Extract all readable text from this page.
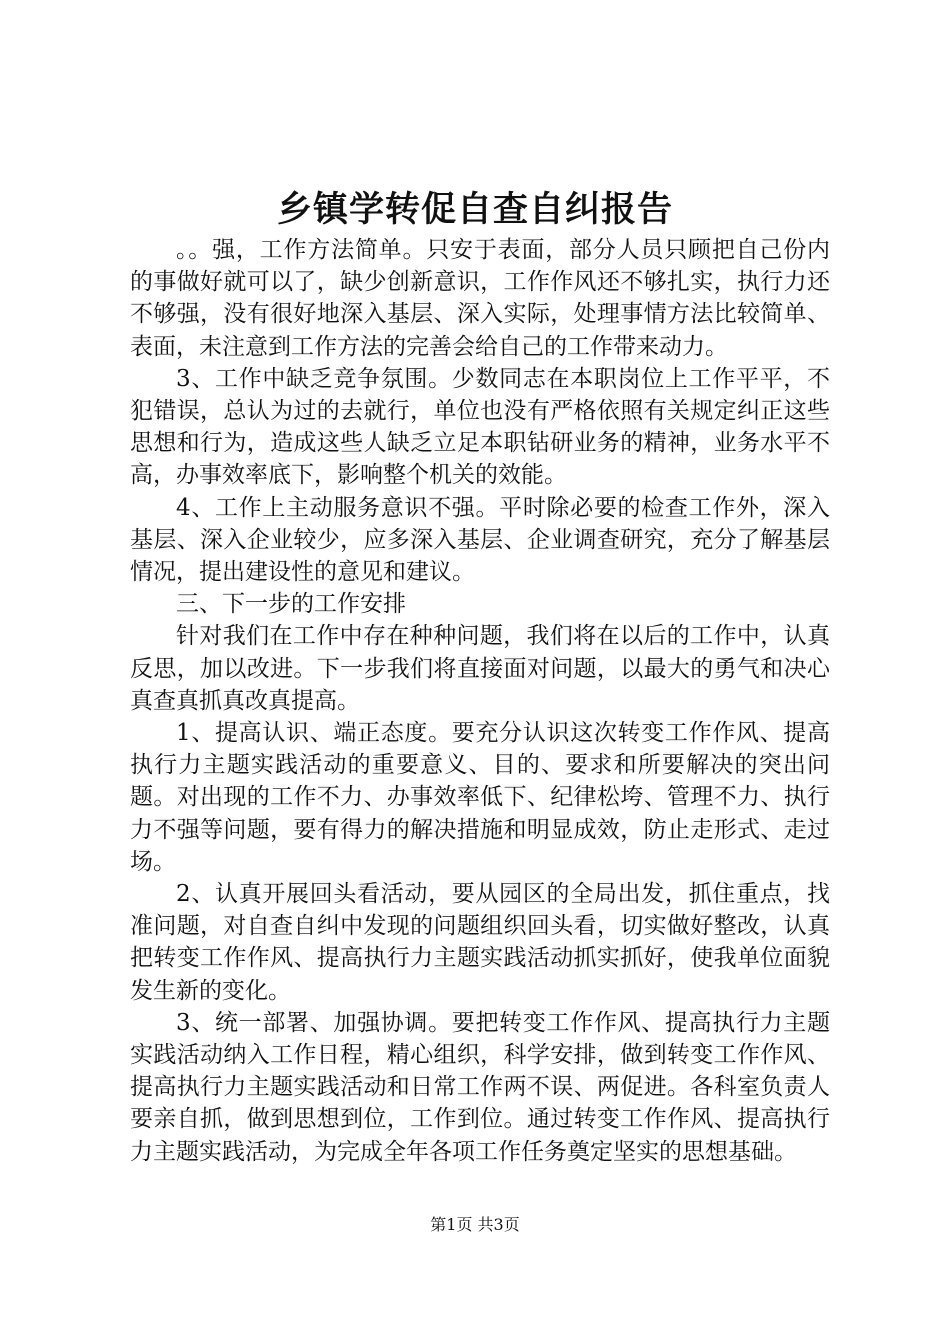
乡镇学转促自查自纠报告

。。强，工作方法简单。只安于表面，部分人员只顾把自己份内的事做好就可以了，缺少创新意识，工作作风还不够扎实，执行力还不够强，没有很好地深入基层、深入实际，处理事情方法比较简单、表面，未注意到工作方法的完善会给自己的工作带来动力。

3、工作中缺乏竞争氛围。少数同志在本职岗位上工作平平，不犯错误，总认为过的去就行，单位也没有严格依照有关规定纠正这些思想和行为，造成这些人缺乏立足本职钻研业务的精神，业务水平不高，办事效率底下，影响整个机关的效能。

4、工作上主动服务意识不强。平时除必要的检查工作外，深入基层、深入企业较少，应多深入基层、企业调查研究，充分了解基层情况，提出建设性的意见和建议。

三、下一步的工作安排

针对我们在工作中存在种种问题，我们将在以后的工作中，认真反思，加以改进。下一步我们将直接面对问题，以最大的勇气和决心真查真抓真改真提高。

1、提高认识、端正态度。要充分认识这次转变工作作风、提高执行力主题实践活动的重要意义、目的、要求和所要解决的突出问题。对出现的工作不力、办事效率低下、纪律松垮、管理不力、执行力不强等问题，要有得力的解决措施和明显成效，防止走形式、走过场。

2、认真开展回头看活动，要从园区的全局出发，抓住重点，找准问题，对自查自纠中发现的问题组织回头看，切实做好整改，认真把转变工作作风、提高执行力主题实践活动抓实抓好，使我单位面貌发生新的变化。

3、统一部署、加强协调。要把转变工作作风、提高执行力主题实践活动纳入工作日程，精心组织，科学安排，做到转变工作作风、提高执行力主题实践活动和日常工作两不误、两促进。各科室负责人要亲自抓，做到思想到位，工作到位。通过转变工作作风、提高执行力主题实践活动，为完成全年各项工作任务奠定坚实的思想基础。

第1页 共3页
